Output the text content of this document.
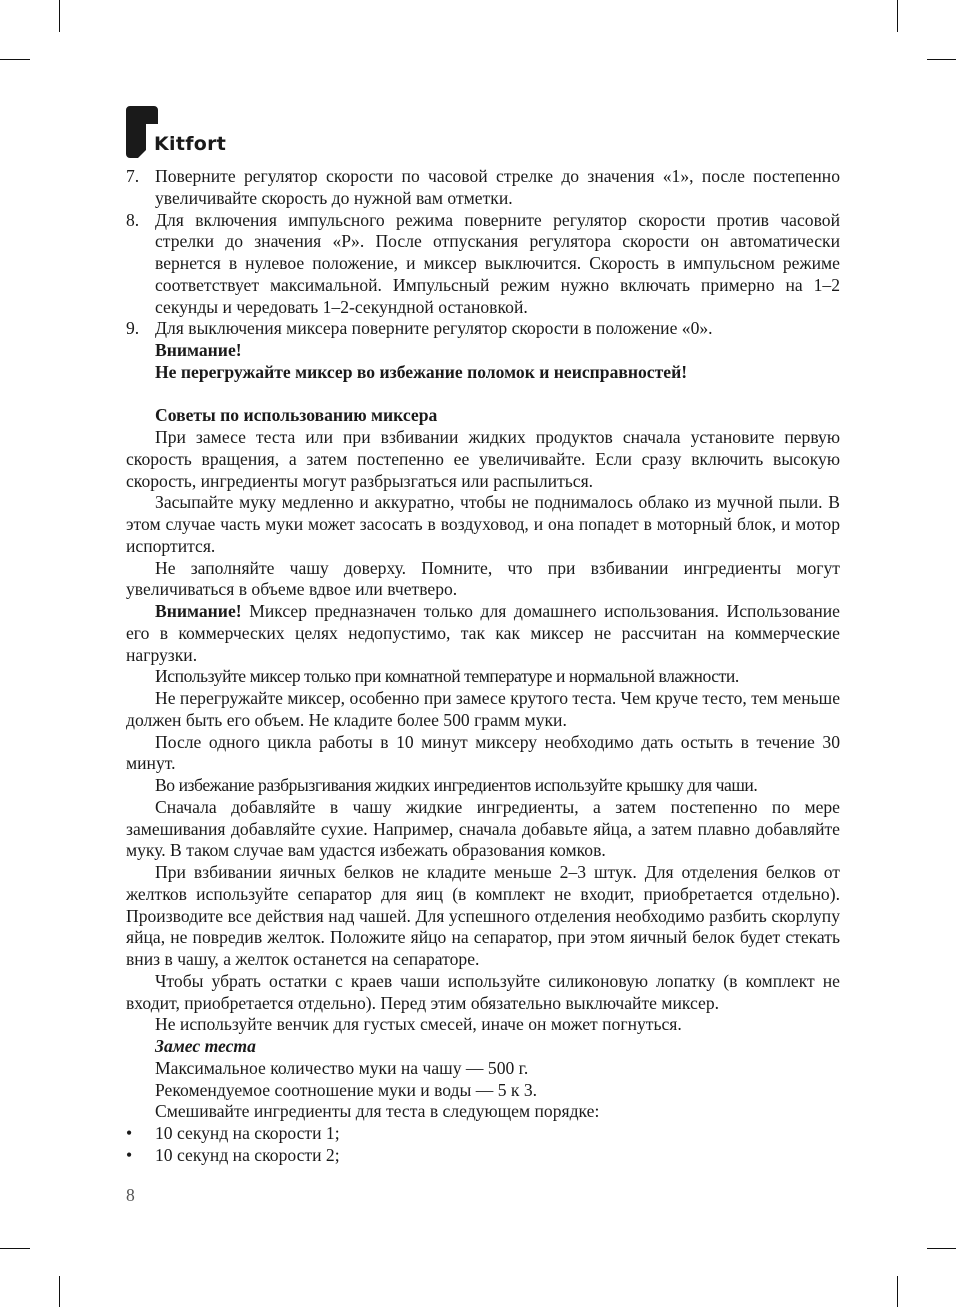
Kitfort
7. Поверните регулятор скорости по часовой стрелке до значения «1», после постепенно увеличивайте скорость до нужной вам отметки.
8. Для включения импульсного режима поверните регулятор скорости против часовой стрелки до значения «P». После отпускания регулятора скорости он автоматически вернется в нулевое положение, и миксер выключится. Скорость в импульсном режиме соответствует максимальной. Импульсный режим нужно включать примерно на 1–2 секунды и чередовать 1–2-секундной остановкой.
9. Для выключения миксера поверните регулятор скорости в положение «0».
Внимание!
Не перегружайте миксер во избежание поломок и неисправностей!
Советы по использованию миксера
При замесе теста или при взбивании жидких продуктов сначала установите первую скорость вращения, а затем постепенно ее увеличивайте. Если сразу включить высокую скорость, ингредиенты могут разбрызгаться или распылиться.
Засыпайте муку медленно и аккуратно, чтобы не поднималось облако из мучной пыли. В этом случае часть муки может засосать в воздуховод, и она попадет в моторный блок, и мотор испортится.
Не заполняйте чашу доверху. Помните, что при взбивании ингредиенты могут увеличиваться в объеме вдвое или вчетверо.
Внимание! Миксер предназначен только для домашнего использования. Использование его в коммерческих целях недопустимо, так как миксер не рассчитан на коммерческие нагрузки.
Используйте миксер только при комнатной температуре и нормальной влажности.
Не перегружайте миксер, особенно при замесе крутого теста. Чем круче тесто, тем меньше должен быть его объем. Не кладите более 500 грамм муки.
После одного цикла работы в 10 минут миксеру необходимо дать остыть в течение 30 минут.
Во избежание разбрызгивания жидких ингредиентов используйте крышку для чаши.
Сначала добавляйте в чашу жидкие ингредиенты, а затем постепенно по мере замешивания добавляйте сухие. Например, сначала добавьте яйца, а затем плавно добавляйте муку. В таком случае вам удастся избежать образования комков.
При взбивании яичных белков не кладите меньше 2–3 штук. Для отделения белков от желтков используйте сепаратор для яиц (в комплект не входит, приобретается отдельно). Производите все действия над чашей. Для успешного отделения необходимо разбить скорлупу яйца, не повредив желток. Положите яйцо на сепаратор, при этом яичный белок будет стекать вниз в чашу, а желток останется на сепараторе.
Чтобы убрать остатки с краев чаши используйте силиконовую лопатку (в комплект не входит, приобретается отдельно). Перед этим обязательно выключайте миксер.
Не используйте венчик для густых смесей, иначе он может погнуться.
Замес теста
Максимальное количество муки на чашу — 500 г.
Рекомендуемое соотношение муки и воды — 5 к 3.
Смешивайте ингредиенты для теста в следующем порядке:
• 10 секунд на скорости 1;
• 10 секунд на скорости 2;
8
